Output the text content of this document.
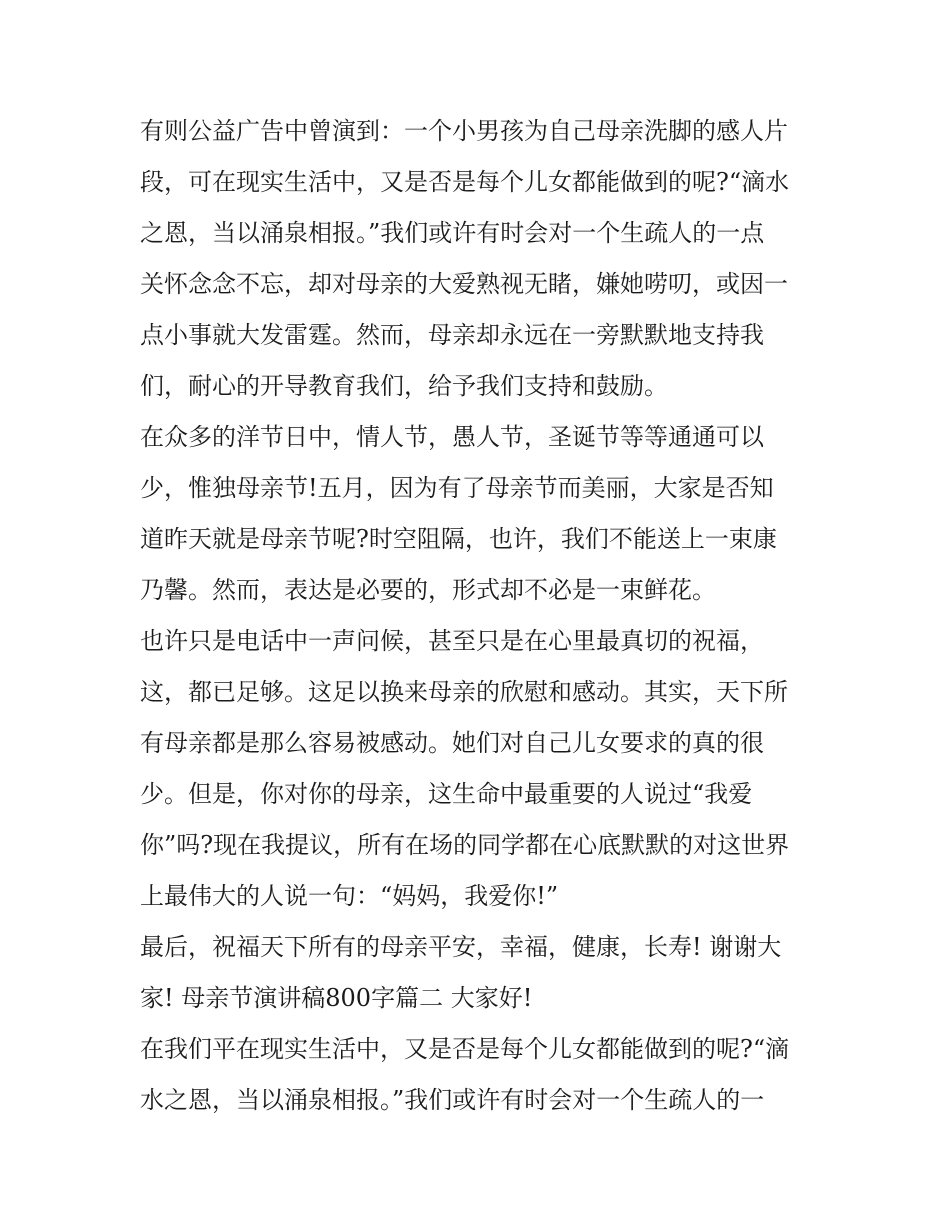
有则公益广告中曾演到：一个小男孩为自己母亲洗脚的感人片
段，可在现实生活中，又是否是每个儿女都能做到的呢?“滴水
之恩，当以涌泉相报。”我们或许有时会对一个生疏人的一点
关怀念念不忘，却对母亲的大爱熟视无睹，嫌她唠叨，或因一
点小事就大发雷霆。然而，母亲却永远在一旁默默地支持我
们，耐心的开导教育我们，给予我们支持和鼓励。
在众多的洋节日中，情人节，愚人节，圣诞节等等通通可以
少，惟独母亲节!五月，因为有了母亲节而美丽，大家是否知
道昨天就是母亲节呢?时空阻隔，也许，我们不能送上一束康
乃馨。然而，表达是必要的，形式却不必是一束鲜花。
也许只是电话中一声问候，甚至只是在心里最真切的祝福，
这，都已足够。这足以换来母亲的欣慰和感动。其实，天下所
有母亲都是那么容易被感动。她们对自己儿女要求的真的很
少。但是，你对你的母亲，这生命中最重要的人说过“我爱
你”吗?现在我提议，所有在场的同学都在心底默默的对这世界
上最伟大的人说一句：“妈妈，我爱你!”
最后，祝福天下所有的母亲平安，幸福，健康，长寿! 谢谢大
家! 母亲节演讲稿800字篇二 大家好!
在我们平在现实生活中，又是否是每个儿女都能做到的呢?“滴
水之恩，当以涌泉相报。”我们或许有时会对一个生疏人的一
